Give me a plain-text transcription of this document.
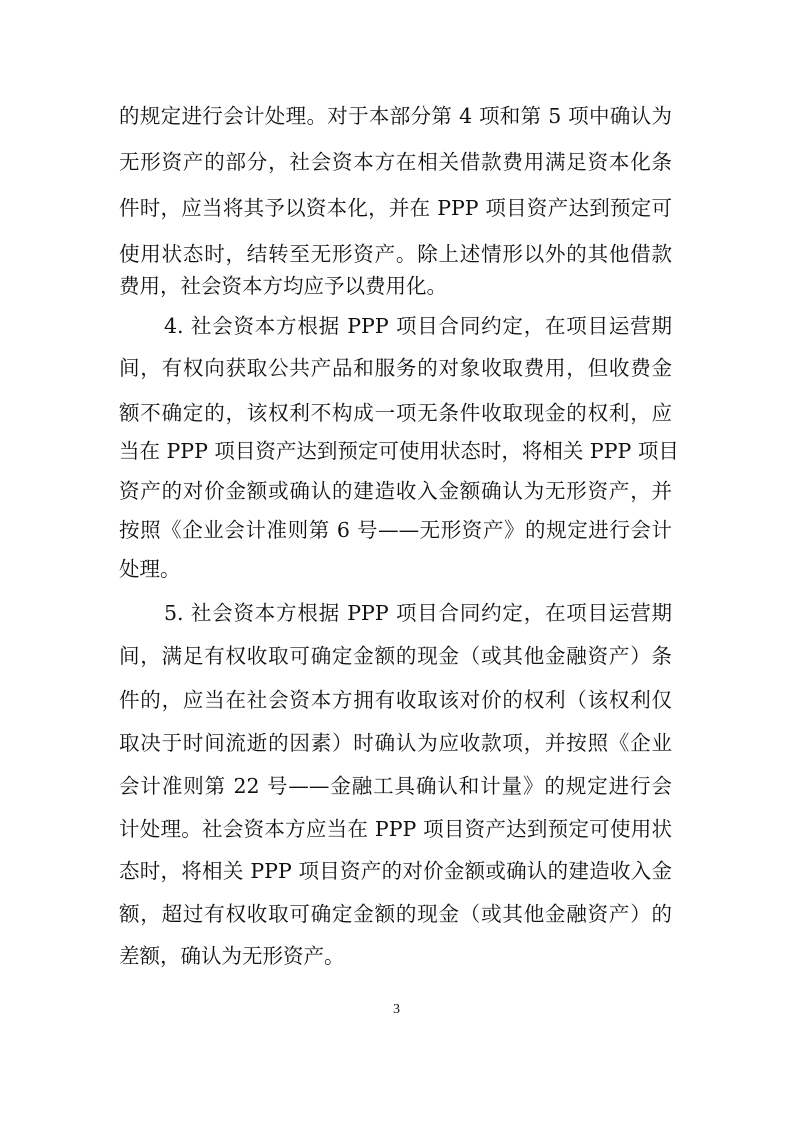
的规定进行会计处理。对于本部分第 4 项和第 5 项中确认为
无形资产的部分，社会资本方在相关借款费用满足资本化条
件时，应当将其予以资本化，并在 PPP 项目资产达到预定可
使用状态时，结转至无形资产。除上述情形以外的其他借款
费用，社会资本方均应予以费用化。
4. 社会资本方根据 PPP 项目合同约定，在项目运营期
间，有权向获取公共产品和服务的对象收取费用，但收费金
额不确定的，该权利不构成一项无条件收取现金的权利，应
当在 PPP 项目资产达到预定可使用状态时，将相关 PPP 项目
资产的对价金额或确认的建造收入金额确认为无形资产，并
按照《企业会计准则第 6 号——无形资产》的规定进行会计
处理。
5. 社会资本方根据 PPP 项目合同约定，在项目运营期
间，满足有权收取可确定金额的现金（或其他金融资产）条
件的，应当在社会资本方拥有收取该对价的权利（该权利仅
取决于时间流逝的因素）时确认为应收款项，并按照《企业
会计准则第 22 号——金融工具确认和计量》的规定进行会
计处理。社会资本方应当在 PPP 项目资产达到预定可使用状
态时，将相关 PPP 项目资产的对价金额或确认的建造收入金
额，超过有权收取可确定金额的现金（或其他金融资产）的
差额，确认为无形资产。
3
